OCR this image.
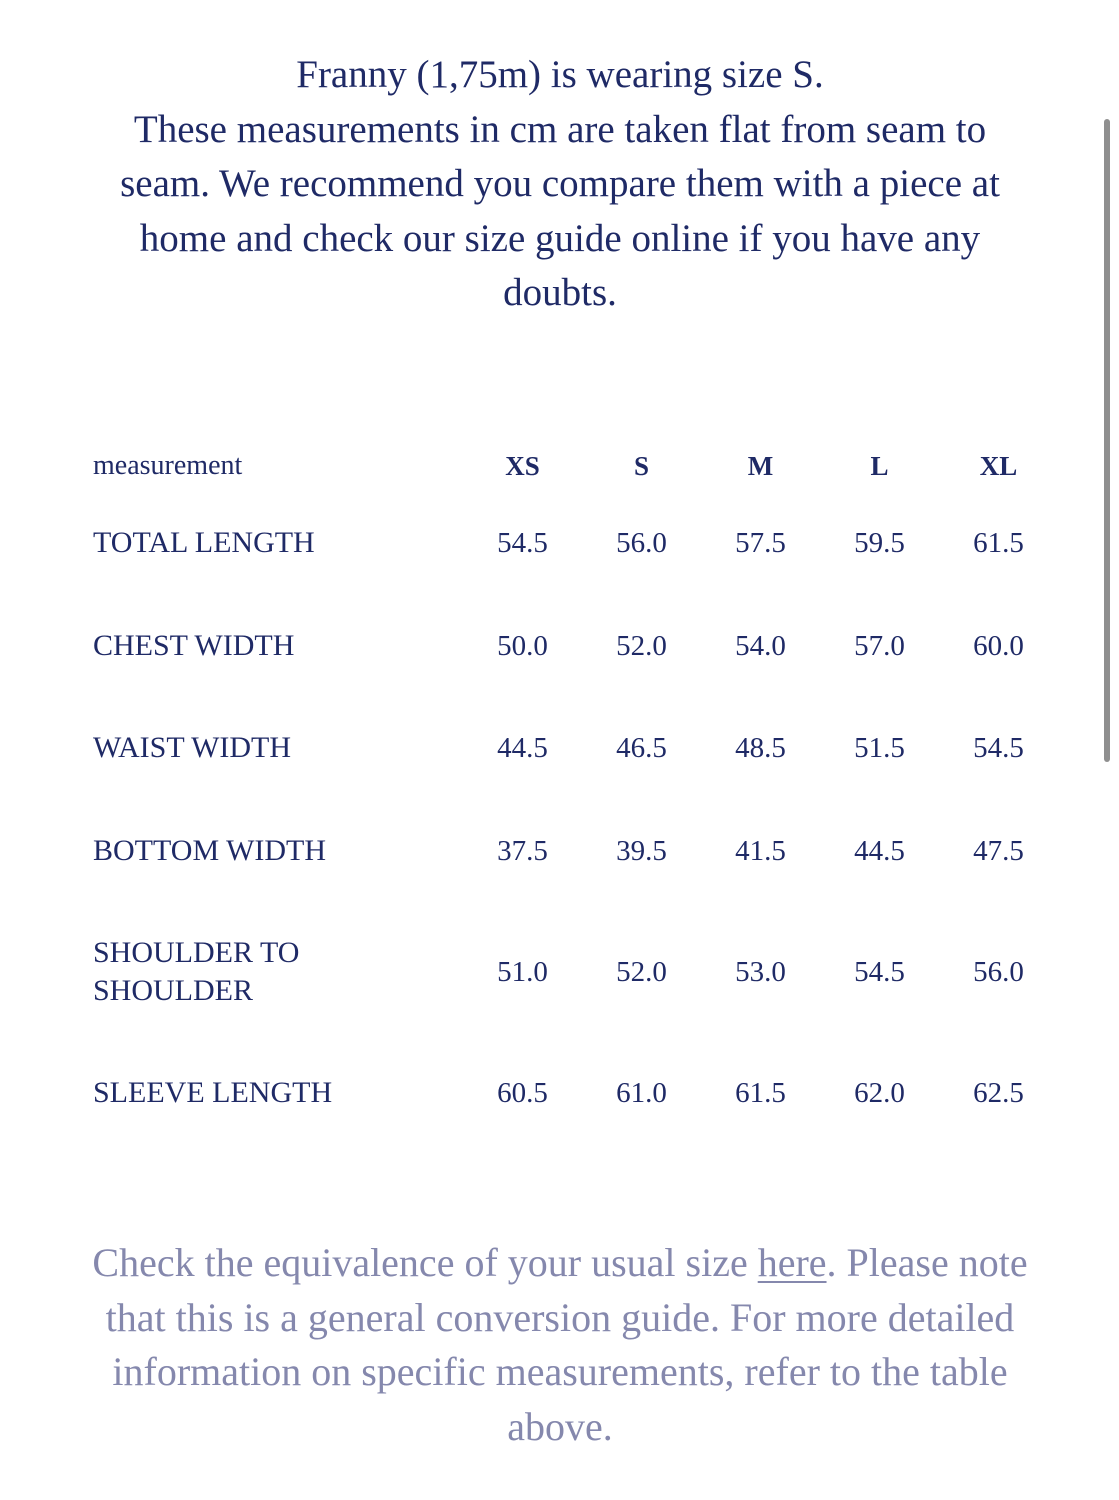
Franny (1,75m) is wearing size S.

These measurements in cm are taken flat from seam to seam. We recommend you compare them with a piece at home and check our size guide online if you have any doubts.

measurement	XS	S	M	L	XL
TOTAL LENGTH	54.5	56.0	57.5	59.5	61.5
CHEST WIDTH	50.0	52.0	54.0	57.0	60.0
WAIST WIDTH	44.5	46.5	48.5	51.5	54.5
BOTTOM WIDTH	37.5	39.5	41.5	44.5	47.5
SHOULDER TO SHOULDER	51.0	52.0	53.0	54.5	56.0
SLEEVE LENGTH	60.5	61.0	61.5	62.0	62.5

Check the equivalence of your usual size here. Please note that this is a general conversion guide. For more detailed information on specific measurements, refer to the table above.
